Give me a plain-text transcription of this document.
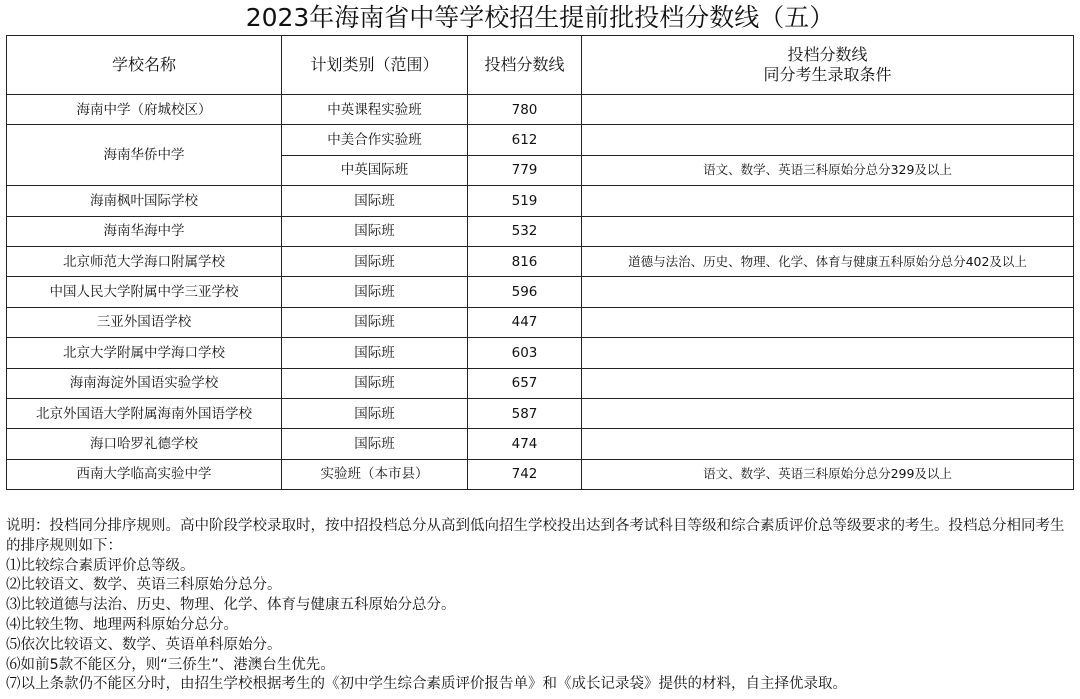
2023年海南省中等学校招生提前批投档分数线（五）
学校名称	计划类别（范围）	投档分数线	投档分数线
同分考生录取条件

海南中学（府城校区）	中英课程实验班	780	
海南华侨中学	中美合作实验班	612	
	中英国际班	779	语文、数学、英语三科原始分总分329及以上
海南枫叶国际学校	国际班	519	
海南华海中学	国际班	532	
北京师范大学海口附属学校	国际班	816	道德与法治、历史、物理、化学、体育与健康五科原始分总分402及以上
中国人民大学附属中学三亚学校	国际班	596	
三亚外国语学校	国际班	447	
北京大学附属中学海口学校	国际班	603	
海南海淀外国语实验学校	国际班	657	
北京外国语大学附属海南外国语学校	国际班	587	
海口哈罗礼德学校	国际班	474	
西南大学临高实验中学	实验班（本市县）	742	语文、数学、英语三科原始分总分299及以上

说明：投档同分排序规则。高中阶段学校录取时，按中招投档总分从高到低向招生学校投出达到各考试科目等级和综合素质评价总等级要求的考生。投档总分相同考生的排序规则如下：

⑴比较综合素质评价总等级。

⑵比较语文、数学、英语三科原始分总分。

⑶比较道德与法治、历史、物理、化学、体育与健康五科原始分总分。

⑷比较生物、地理两科原始分总分。

⑸依次比较语文、数学、英语单科原始分。

⑹如前5款不能区分，则“三侨生”、港澳台生优先。

⑺以上条款仍不能区分时，由招生学校根据考生的《初中学生综合素质评价报告单》和《成长记录袋》提供的材料，自主择优录取。
